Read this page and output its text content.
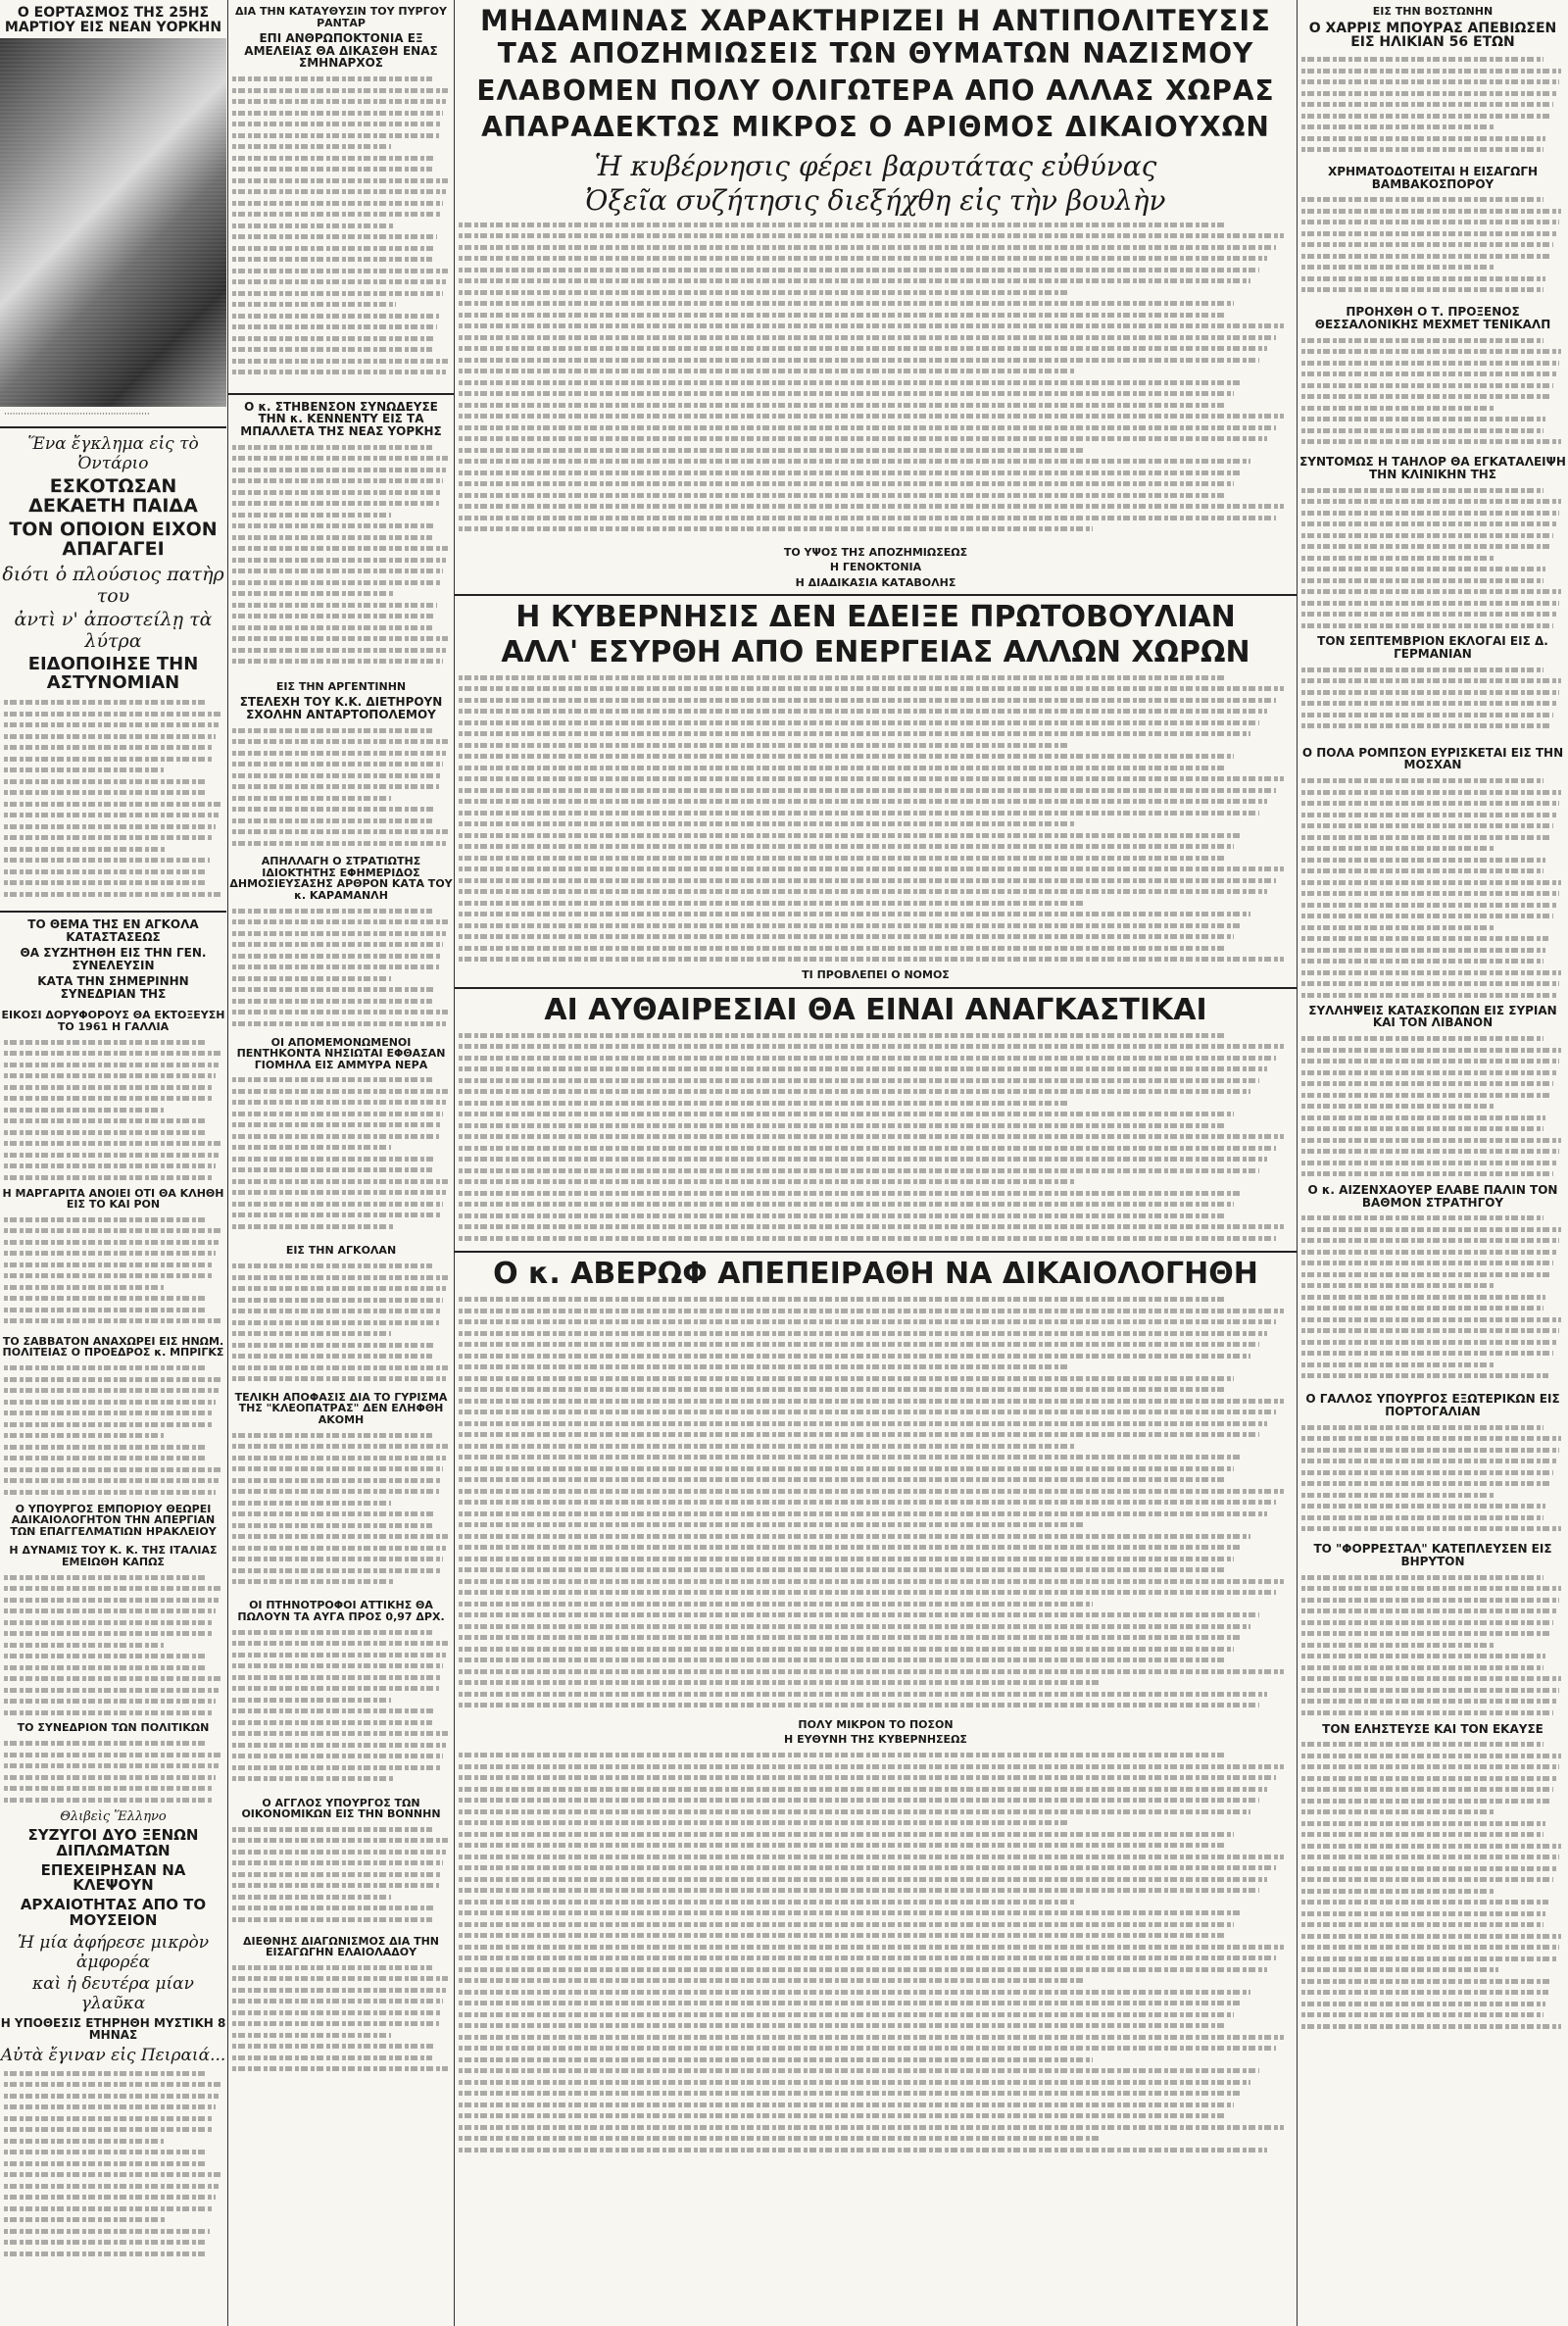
Ο ΕΟΡΤΑΣΜΟΣ ΤΗΣ 25ΗΣ ΜΑΡΤΙΟΥ ΕΙΣ ΝΕΑΝ ΥΟΡΚΗΝ
····················································
Ἕνα ἔγκλημα εἰς τὸ Ὀντάριο
ΕΣΚΟΤΩΣΑΝ ΔΕΚΑΕΤΗ ΠΑΙΔΑ
ΤΟΝ ΟΠΟΙΟΝ ΕΙΧΟΝ ΑΠΑΓΑΓΕΙ
διότι ὁ πλούσιος πατὴρ του
ἀντὶ ν' ἀποστείλῃ τὰ λύτρα
ΕΙΔΟΠΟΙΗΣΕ ΤΗΝ ΑΣΤΥΝΟΜΙΑΝ
ΤΟ ΘΕΜΑ ΤΗΣ ΕΝ ΑΓΚΟΛΑ ΚΑΤΑΣΤΑΣΕΩΣ
ΘΑ ΣΥΖΗΤΗΘΗ ΕΙΣ ΤΗΝ ΓΕΝ. ΣΥΝΕΛΕΥΣΙΝ
ΚΑΤΑ ΤΗΝ ΣΗΜΕΡΙΝΗΝ ΣΥΝΕΔΡΙΑΝ ΤΗΣ
ΕΙΚΟΣΙ ΔΟΡΥΦΟΡΟΥΣ ΘΑ ΕΚΤΟΞΕΥΣΗ ΤΟ 1961 Η ΓΑΛΛΙΑ
Η ΜΑΡΓΑΡΙΤΑ ΑΝΟΙΕΙ ΟΤΙ ΘΑ ΚΛΗΘΗ ΕΙΣ ΤΟ ΚΑΙ ΡΟΝ
ΤΟ ΣΑΒΒΑΤΟΝ ΑΝΑΧΩΡΕΙ ΕΙΣ ΗΝΩΜ. ΠΟΛΙΤΕΙΑΣ Ο ΠΡΟΕΔΡΟΣ κ. ΜΠΡΙΓΚΣ
Ο ΥΠΟΥΡΓΟΣ ΕΜΠΟΡΙΟΥ ΘΕΩΡΕΙ ΑΔΙΚΑΙΟΛΟΓΗΤΟΝ ΤΗΝ ΑΠΕΡΓΙΑΝ ΤΩΝ ΕΠΑΓΓΕΛΜΑΤΙΩΝ ΗΡΑΚΛΕΙΟΥ
Η ΔΥΝΑΜΙΣ ΤΟΥ Κ. Κ. ΤΗΣ ΙΤΑΛΙΑΣ ΕΜΕΙΩΘΗ ΚΑΠΩΣ
ΤΟ ΣΥΝΕΔΡΙΟΝ ΤΩΝ ΠΟΛΙΤΙΚΩΝ
Θλιβεὶς Ἕλληνο
ΣΥΖΥΓΟΙ ΔΥΟ ΞΕΝΩΝ ΔΙΠΛΩΜΑΤΩΝ
ΕΠΕΧΕΙΡΗΣΑΝ ΝΑ ΚΛΕΨΟΥΝ
ΑΡΧΑΙΟΤΗΤΑΣ ΑΠΟ ΤΟ ΜΟΥΣΕΙΟΝ
Ἡ μία ἀφήρεσε μικρὸν ἀμφορέα
καὶ ἡ δευτέρα μίαν γλαῦκα
Η ΥΠΟΘΕΣΙΣ ΕΤΗΡΗΘΗ ΜΥΣΤΙΚΗ 8 ΜΗΝΑΣ
Αὐτὰ ἔγιναν εἰς Πειραιά...
ΔΙΑ ΤΗΝ ΚΑΤΑΥΘΥΣΙΝ ΤΟΥ ΠΥΡΓΟΥ ΡΑΝΤΑΡ
ΕΠΙ ΑΝΘΡΩΠΟΚΤΟΝΙΑ ΕΞ ΑΜΕΛΕΙΑΣ ΘΑ ΔΙΚΑΣΘΗ ΕΝΑΣ ΣΜΗΝΑΡΧΟΣ
Ο κ. ΣΤΗΒΕΝΣΟΝ ΣΥΝΩΔΕΥΣΕ ΤΗΝ κ. ΚΕΝΝΕΝΤΥ ΕΙΣ ΤΑ ΜΠΑΛΛΕΤΑ ΤΗΣ ΝΕΑΣ ΥΟΡΚΗΣ
ΕΙΣ ΤΗΝ ΑΡΓΕΝΤΙΝΗΝ
ΣΤΕΛΕΧΗ ΤΟΥ Κ.Κ. ΔΙΕΤΗΡΟΥΝ ΣΧΟΛΗΝ ΑΝΤΑΡΤΟΠΟΛΕΜΟΥ
ΑΠΗΛΛΑΓΗ Ο ΣΤΡΑΤΙΩΤΗΣ ΙΔΙΟΚΤΗΤΗΣ ΕΦΗΜΕΡΙΔΟΣ ΔΗΜΟΣΙΕΥΣΑΣΗΣ ΑΡΘΡΟΝ ΚΑΤΑ ΤΟΥ κ. ΚΑΡΑΜΑΝΛΗ
ΟΙ ΑΠΟΜΕΜΟΝΩΜΕΝΟΙ ΠΕΝΤΗΚΟΝΤΑ ΝΗΣΙΩΤΑΙ ΕΦΘΑΣΑΝ ΓΙΟΜΗΛΑ ΕΙΣ ΑΜΜΥΡΑ ΝΕΡΑ
ΕΙΣ ΤΗΝ ΑΓΚΟΛΑΝ
ΤΕΛΙΚΗ ΑΠΟΦΑΣΙΣ ΔΙΑ ΤΟ ΓΥΡΙΣΜΑ ΤΗΣ "ΚΛΕΟΠΑΤΡΑΣ" ΔΕΝ ΕΛΗΦΘΗ ΑΚΟΜΗ
ΟΙ ΠΤΗΝΟΤΡΟΦΟΙ ΑΤΤΙΚΗΣ ΘΑ ΠΩΛΟΥΝ ΤΑ ΑΥΓΑ ΠΡΟΣ 0,97 ΔΡΧ.
Ο ΑΓΓΛΟΣ ΥΠΟΥΡΓΟΣ ΤΩΝ ΟΙΚΟΝΟΜΙΚΩΝ ΕΙΣ ΤΗΝ ΒΟΝΝΗΝ
ΔΙΕΘΝΗΣ ΔΙΑΓΩΝΙΣΜΟΣ ΔΙΑ ΤΗΝ ΕΙΣΑΓΩΓΗΝ ΕΛΑΙΟΛΑΔΟΥ
ΜΗΔΑΜΙΝΑΣ ΧΑΡΑΚΤΗΡΙΖΕΙ Η ΑΝΤΙΠΟΛΙΤΕΥΣΙΣ
ΤΑΣ ΑΠΟΖΗΜΙΩΣΕΙΣ ΤΩΝ ΘΥΜΑΤΩΝ ΝΑΖΙΣΜΟΥ
ΕΛΑΒΟΜΕΝ ΠΟΛΥ ΟΛΙΓΩΤΕΡΑ ΑΠΟ ΑΛΛΑΣ ΧΩΡΑΣ
ΑΠΑΡΑΔΕΚΤΩΣ ΜΙΚΡΟΣ Ο ΑΡΙΘΜΟΣ ΔΙΚΑΙΟΥΧΩΝ
Ἡ κυβέρνησις φέρει βαρυτάτας εὐθύνας
Ὀξεῖα συζήτησις διεξήχθη εἰς τὴν βουλὴν
ΤΟ ΥΨΟΣ ΤΗΣ ΑΠΟΖΗΜΙΩΣΕΩΣ
Η ΓΕΝΟΚΤΟΝΙΑ
Η ΔΙΑΔΙΚΑΣΙΑ ΚΑΤΑΒΟΛΗΣ
Η ΚΥΒΕΡΝΗΣΙΣ ΔΕΝ ΕΔΕΙΞΕ ΠΡΩΤΟΒΟΥΛΙΑΝ
ΑΛΛ' ΕΣΥΡΘΗ ΑΠΟ ΕΝΕΡΓΕΙΑΣ ΑΛΛΩΝ ΧΩΡΩΝ
ΤΙ ΠΡΟΒΛΕΠΕΙ Ο ΝΟΜΟΣ
ΑΙ ΑΥΘΑΙΡΕΣΙΑΙ ΘΑ ΕΙΝΑΙ ΑΝΑΓΚΑΣΤΙΚΑΙ
Ο κ. ΑΒΕΡΩΦ ΑΠΕΠΕΙΡΑΘΗ ΝΑ ΔΙΚΑΙΟΛΟΓΗΘΗ
ΠΟΛΥ ΜΙΚΡΟΝ ΤΟ ΠΟΣΟΝ
Η ΕΥΘΥΝΗ ΤΗΣ ΚΥΒΕΡΝΗΣΕΩΣ
ΕΙΣ ΤΗΝ ΒΟΣΤΩΝΗΝ
Ο ΧΑΡΡΙΣ ΜΠΟΥΡΑΣ ΑΠΕΒΙΩΣΕΝ ΕΙΣ ΗΛΙΚΙΑΝ 56 ΕΤΩΝ
ΧΡΗΜΑΤΟΔΟΤΕΙΤΑΙ Η ΕΙΣΑΓΩΓΗ ΒΑΜΒΑΚΟΣΠΟΡΟΥ
ΠΡΟΗΧΘΗ Ο Τ. ΠΡΟΞΕΝΟΣ ΘΕΣΣΑΛΟΝΙΚΗΣ ΜΕΧΜΕΤ ΤΕΝΙΚΑΛΠ
ΣΥΝΤΟΜΩΣ Η ΤΑΗΛΟΡ ΘΑ ΕΓΚΑΤΑΛΕΙΨΗ ΤΗΝ ΚΛΙΝΙΚΗΝ ΤΗΣ
ΤΟΝ ΣΕΠΤΕΜΒΡΙΟΝ ΕΚΛΟΓΑΙ ΕΙΣ Δ. ΓΕΡΜΑΝΙΑΝ
Ο ΠΟΛΑ ΡΟΜΠΣΟΝ ΕΥΡΙΣΚΕΤΑΙ ΕΙΣ ΤΗΝ ΜΟΣΧΑΝ
ΣΥΛΛΗΨΕΙΣ ΚΑΤΑΣΚΟΠΩΝ ΕΙΣ ΣΥΡΙΑΝ ΚΑΙ ΤΟΝ ΛΙΒΑΝΟΝ
Ο κ. ΑΙΖΕΝΧΑΟΥΕΡ ΕΛΑΒΕ ΠΑΛΙΝ ΤΟΝ ΒΑΘΜΟΝ ΣΤΡΑΤΗΓΟΥ
Ο ΓΑΛΛΟΣ ΥΠΟΥΡΓΟΣ ΕΞΩΤΕΡΙΚΩΝ ΕΙΣ ΠΟΡΤΟΓΑΛΙΑΝ
ΤΟ "ΦΟΡΡΕΣΤΑΛ" ΚΑΤΕΠΛΕΥΣΕΝ ΕΙΣ ΒΗΡΥΤΟΝ
ΤΟΝ ΕΛΗΣΤΕΥΣΕ ΚΑΙ ΤΟΝ ΕΚΑΥΣΕ
